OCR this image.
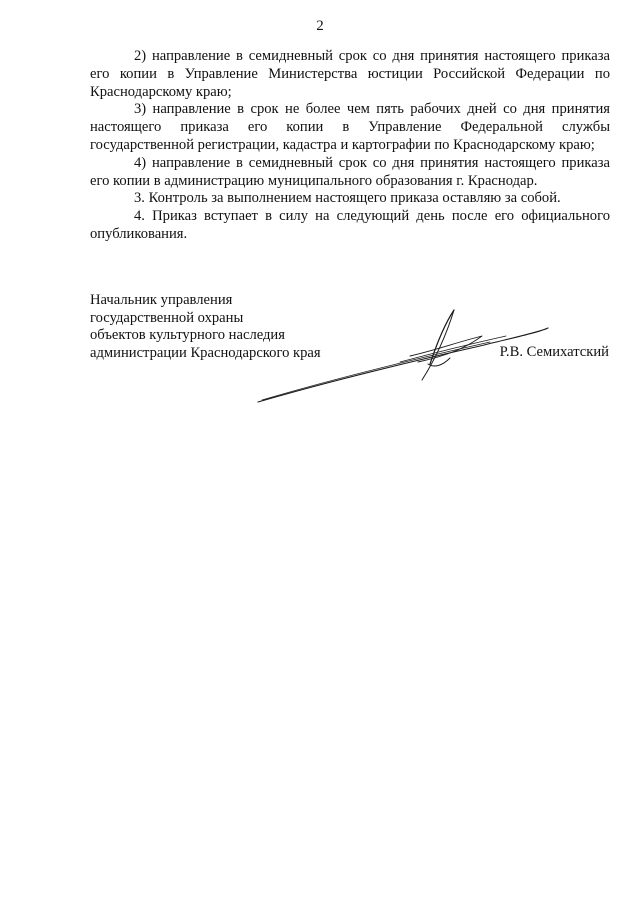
2

2) направление в семидневный срок со дня принятия настоящего приказа его копии в Управление Министерства юстиции Российской Федерации по Краснодарскому краю;

3) направление в срок не более чем пять рабочих дней со дня принятия настоящего приказа его копии в Управление Федеральной службы государственной регистрации, кадастра и картографии по Краснодарскому краю;

4) направление в семидневный срок со дня принятия настоящего приказа его копии в администрацию муниципального образования г. Краснодар.

3. Контроль за выполнением настоящего приказа оставляю за собой.

4. Приказ вступает в силу на следующий день после его официального опубликования.

Начальник управления
государственной охраны
объектов культурного наследия
администрации Краснодарского края	Р.В. Семихатский
